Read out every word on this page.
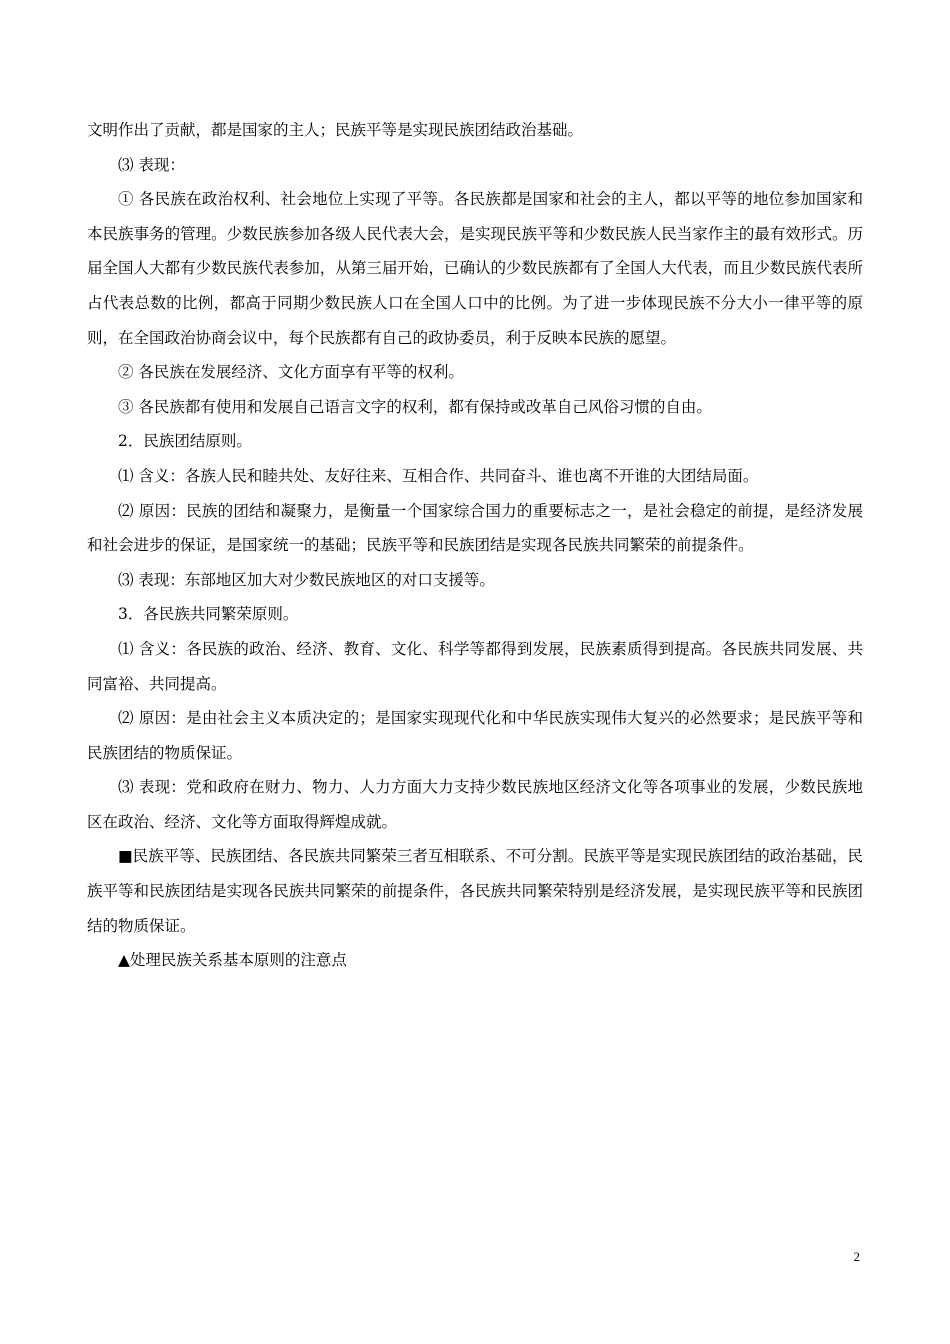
文明作出了贡献，都是国家的主人；民族平等是实现民族团结政治基础。

⑶ 表现：

① 各民族在政治权利、社会地位上实现了平等。各民族都是国家和社会的主人，都以平等的地位参加国家和本民族事务的管理。少数民族参加各级人民代表大会，是实现民族平等和少数民族人民当家作主的最有效形式。历届全国人大都有少数民族代表参加，从第三届开始，已确认的少数民族都有了全国人大代表，而且少数民族代表所占代表总数的比例，都高于同期少数民族人口在全国人口中的比例。为了进一步体现民族不分大小一律平等的原则，在全国政治协商会议中，每个民族都有自己的政协委员，利于反映本民族的愿望。

② 各民族在发展经济、文化方面享有平等的权利。

③ 各民族都有使用和发展自己语言文字的权利，都有保持或改革自己风俗习惯的自由。

2．民族团结原则。

⑴ 含义：各族人民和睦共处、友好往来、互相合作、共同奋斗、谁也离不开谁的大团结局面。

⑵ 原因：民族的团结和凝聚力，是衡量一个国家综合国力的重要标志之一，是社会稳定的前提，是经济发展和社会进步的保证，是国家统一的基础；民族平等和民族团结是实现各民族共同繁荣的前提条件。

⑶ 表现：东部地区加大对少数民族地区的对口支援等。

3．各民族共同繁荣原则。

⑴ 含义：各民族的政治、经济、教育、文化、科学等都得到发展，民族素质得到提高。各民族共同发展、共同富裕、共同提高。

⑵ 原因：是由社会主义本质决定的；是国家实现现代化和中华民族实现伟大复兴的必然要求；是民族平等和民族团结的物质保证。

⑶ 表现：党和政府在财力、物力、人力方面大力支持少数民族地区经济文化等各项事业的发展，少数民族地区在政治、经济、文化等方面取得辉煌成就。

■民族平等、民族团结、各民族共同繁荣三者互相联系、不可分割。民族平等是实现民族团结的政治基础，民族平等和民族团结是实现各民族共同繁荣的前提条件，各民族共同繁荣特别是经济发展，是实现民族平等和民族团结的物质保证。

▲处理民族关系基本原则的注意点

2
